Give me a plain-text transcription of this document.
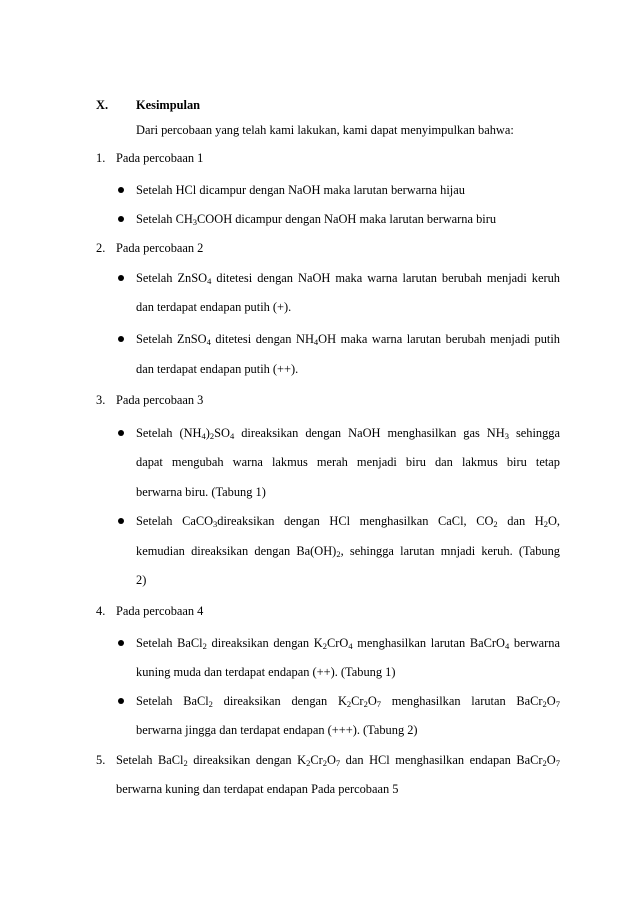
X. Kesimpulan
Dari percobaan yang telah kami lakukan, kami dapat menyimpulkan bahwa:
1. Pada percobaan 1
Setelah HCl dicampur dengan NaOH maka larutan berwarna hijau
Setelah $CH_3COOH$ dicampur dengan NaOH maka larutan berwarna biru
2. Pada percobaan 2
Setelah ZnSO$_4$ ditetesi dengan NaOH maka warna larutan berubah menjadi keruh
dan terdapat endapan putih (+).
Setelah ZnSO$_4$ ditetesi dengan $NH_4OH$ maka warna larutan berubah menjadi putih
dan terdapat endapan putih (++).
3. Pada percobaan 3
Setelah $(NH_4)_2SO_4$ direaksikan dengan NaOH menghasilkan gas $NH_3$ sehingga
dapat mengubah warna lakmus merah menjadi biru dan lakmus biru tetap
berwarna biru. (Tabung 1)
Setelah CaCO$_3$direaksikan dengan HCl menghasilkan CaCl, $CO_2$ dan $H_2O$,
kemudian direaksikan dengan $Ba(OH)_2$, sehingga larutan mnjadi keruh. (Tabung
2)
4. Pada percobaan 4
Setelah BaCl$_2$ direaksikan dengan $K_2CrO_4$ menghasilkan larutan BaCrO$_4$ berwarna
kuning muda dan terdapat endapan (++). (Tabung 1)
Setelah BaCl$_2$ direaksikan dengan $K_2Cr_2O_7$ menghasilkan larutan $BaCr_2O_7$
berwarna jingga dan terdapat endapan (+++). (Tabung 2)
5. Setelah BaCl$_2$ direaksikan dengan $K_2Cr_2O_7$ dan HCl menghasilkan endapan $BaCr_2O_7$
berwarna kuning dan terdapat endapan Pada percobaan 5
